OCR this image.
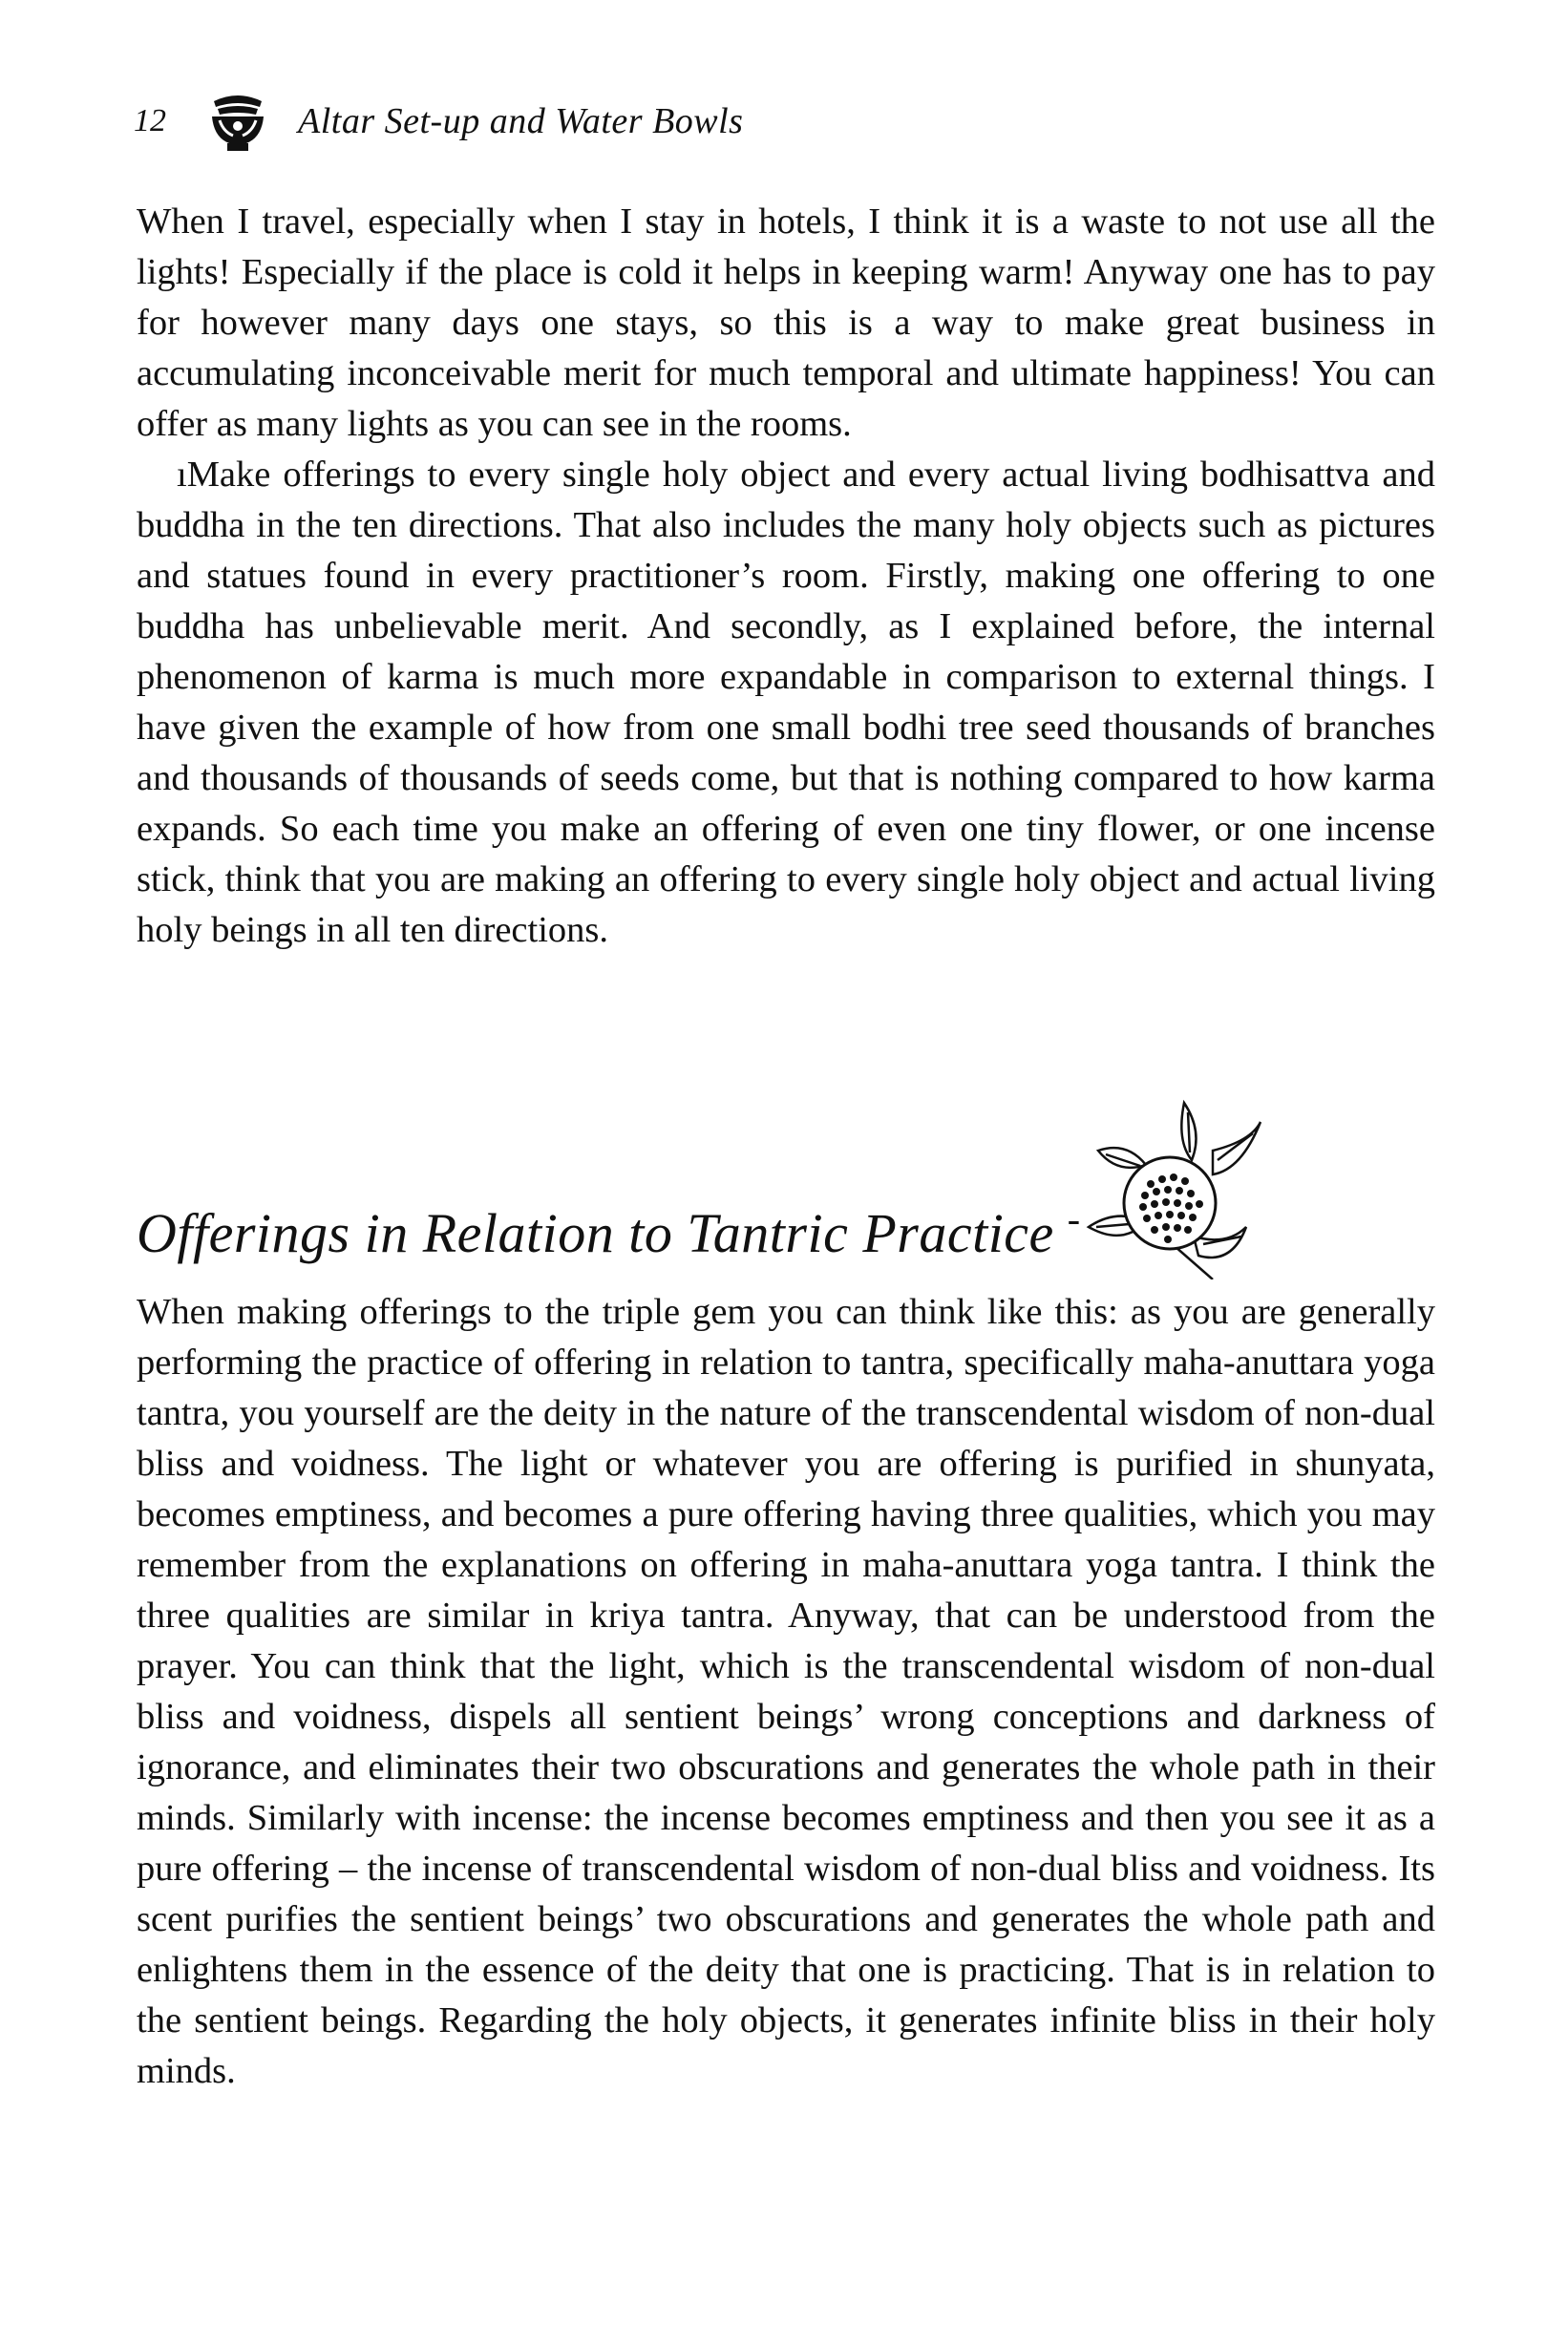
12	Altar Set-up and Water Bowls

When I travel, especially when I stay in hotels, I think it is a waste to not use all the lights! Especially if the place is cold it helps in keeping warm! Anyway one has to pay for however many days one stays, so this is a way to make great business in accumulating inconceivable merit for much temporal and ultimate happiness! You can offer as many lights as you can see in the rooms.

ıMake offerings to every single holy object and every actual living bodhisattva and buddha in the ten directions. That also includes the many holy objects such as pictures and statues found in every practitioner’s room. Firstly, making one offering to one buddha has unbelievable merit. And secondly, as I explained before, the internal phenomenon of karma is much more expandable in comparison to external things. I have given the example of how from one small bodhi tree seed thousands of branches and thousands of thousands of seeds come, but that is nothing compared to how karma expands. So each time you make an offering of even one tiny flower, or one incense stick, think that you are making an offering to every single holy object and actual living holy beings in all ten directions.

Offerings in Relation to Tantric Practice -

When making offerings to the triple gem you can think like this: as you are generally performing the practice of offering in relation to tantra, specifically maha-anuttara yoga tantra, you yourself are the deity in the nature of the transcendental wisdom of non-dual bliss and voidness. The light or whatever you are offering is purified in shunyata, becomes emptiness, and becomes a pure offering having three qualities, which you may remember from the explanations on offering in maha-anuttara yoga tantra. I think the three qualities are similar in kriya tantra. Anyway, that can be understood from the prayer. You can think that the light, which is the transcendental wisdom of non-dual bliss and voidness, dispels all sentient beings’ wrong conceptions and darkness of ignorance, and eliminates their two obscurations and generates the whole path in their minds. Similarly with incense: the incense becomes emptiness and then you see it as a pure offering – the incense of transcendental wisdom of non-dual bliss and voidness. Its scent purifies the sentient beings’ two obscurations and generates the whole path and enlightens them in the essence of the deity that one is practicing. That is in relation to the sentient beings. Regarding the holy objects, it generates infinite bliss in their holy minds.
